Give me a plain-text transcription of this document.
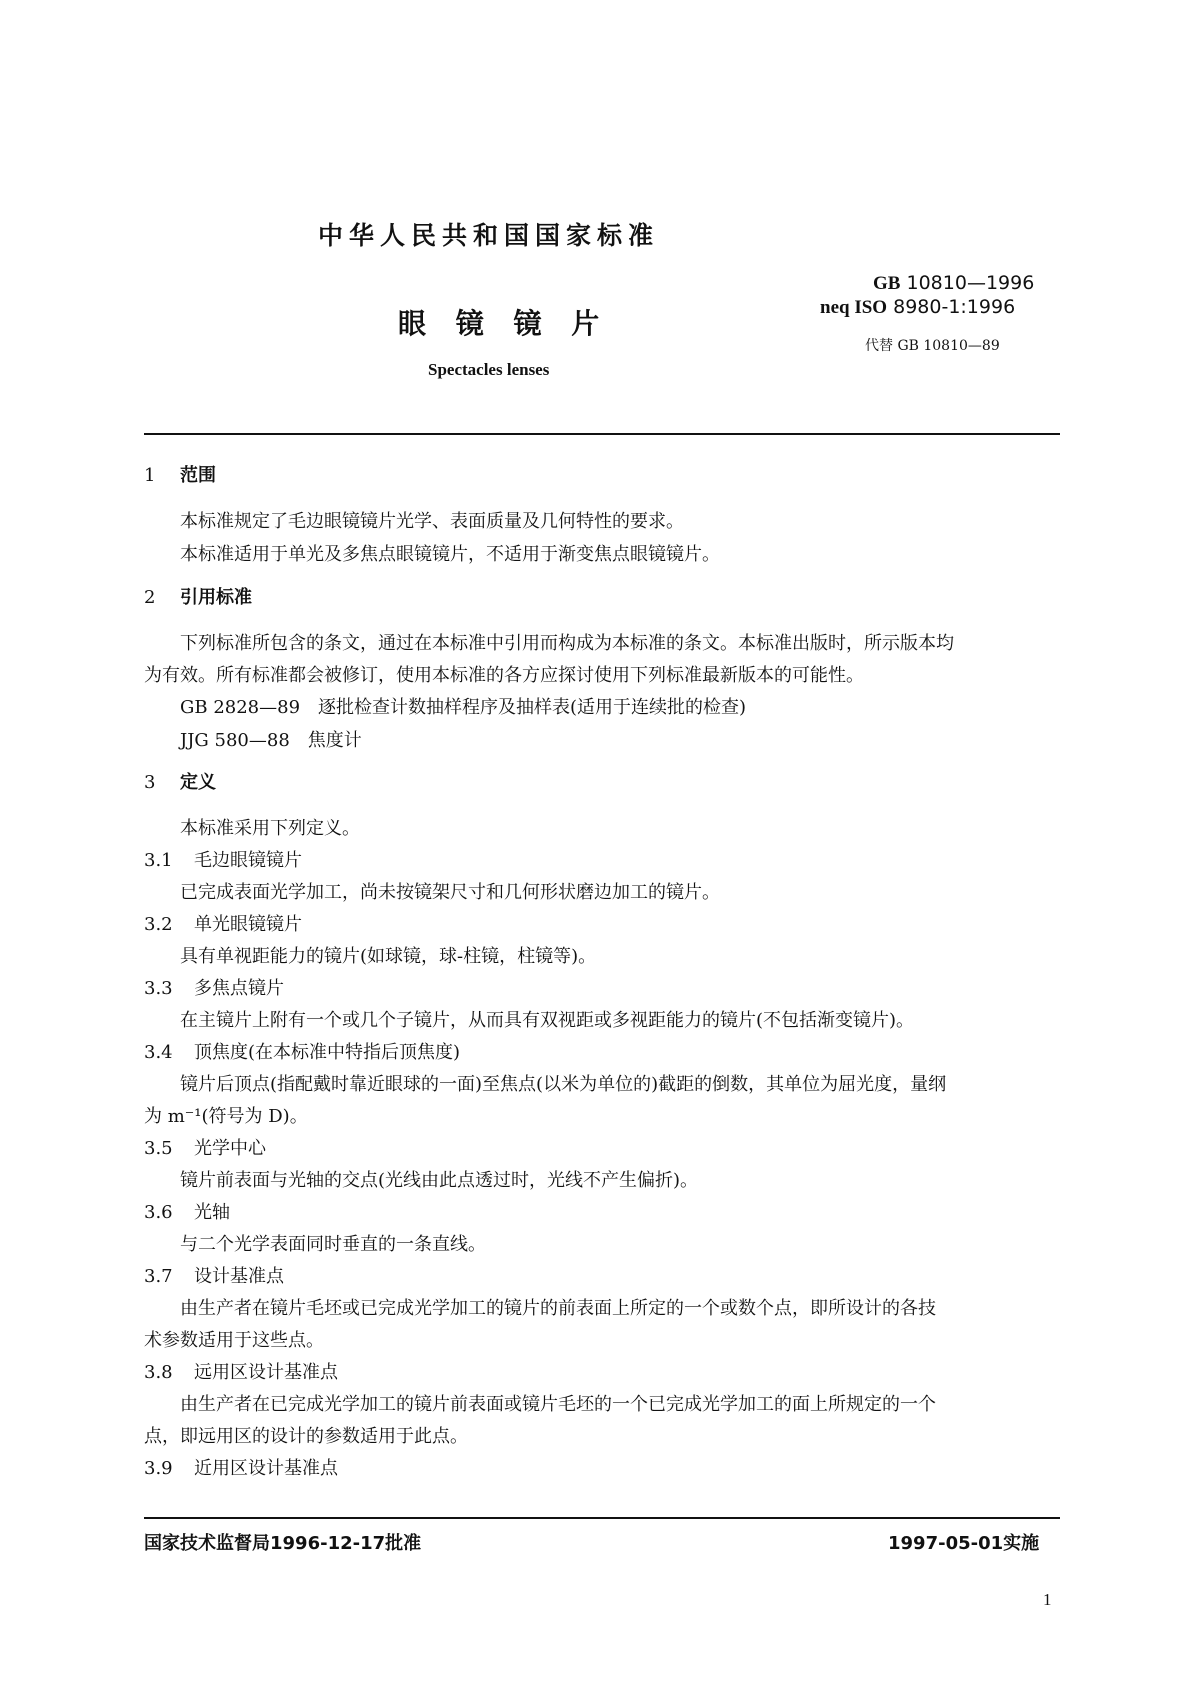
中华人民共和国国家标准
眼 镜 镜 片
Spectacles lenses
GB 10810—1996
neq ISO 8980-1:1996
代替 GB 10810—89
1 范围
本标准规定了毛边眼镜镜片光学、表面质量及几何特性的要求。
本标准适用于单光及多焦点眼镜镜片，不适用于渐变焦点眼镜镜片。
2 引用标准
下列标准所包含的条文，通过在本标准中引用而构成为本标准的条文。本标准出版时，所示版本均
为有效。所有标准都会被修订，使用本标准的各方应探讨使用下列标准最新版本的可能性。
GB 2828—89　逐批检查计数抽样程序及抽样表(适用于连续批的检查)
JJG 580—88　焦度计
3 定义
本标准采用下列定义。
3.1 毛边眼镜镜片
已完成表面光学加工，尚未按镜架尺寸和几何形状磨边加工的镜片。
3.2 单光眼镜镜片
具有单视距能力的镜片(如球镜，球-柱镜，柱镜等)。
3.3 多焦点镜片
在主镜片上附有一个或几个子镜片，从而具有双视距或多视距能力的镜片(不包括渐变镜片)。
3.4 顶焦度(在本标准中特指后顶焦度)
镜片后顶点(指配戴时靠近眼球的一面)至焦点(以米为单位的)截距的倒数，其单位为屈光度，量纲
为 m⁻¹(符号为 D)。
3.5 光学中心
镜片前表面与光轴的交点(光线由此点透过时，光线不产生偏折)。
3.6 光轴
与二个光学表面同时垂直的一条直线。
3.7 设计基准点
由生产者在镜片毛坯或已完成光学加工的镜片的前表面上所定的一个或数个点，即所设计的各技
术参数适用于这些点。
3.8 远用区设计基准点
由生产者在已完成光学加工的镜片前表面或镜片毛坯的一个已完成光学加工的面上所规定的一个
点，即远用区的设计的参数适用于此点。
3.9 近用区设计基准点
国家技术监督局1996-12-17批准	1997-05-01实施
1
